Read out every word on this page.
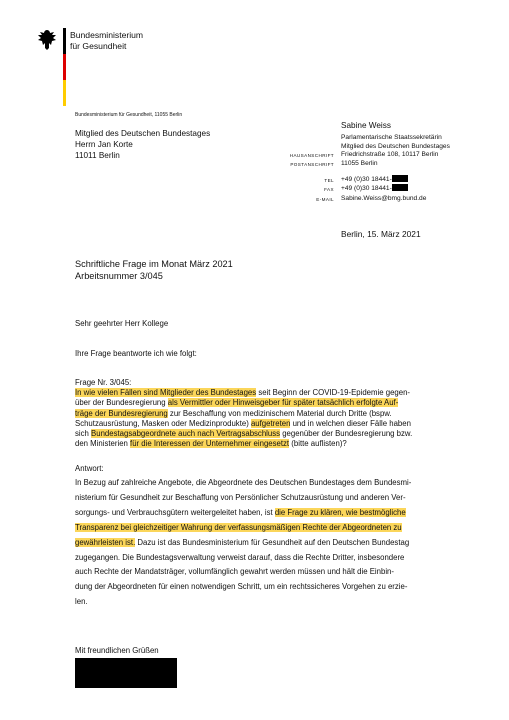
Bundesministerium
für Gesundheit
Bundesministerium für Gesundheit, 11055 Berlin
Mitglied des Deutschen Bundestages
Herrn Jan Korte
11011 Berlin
Sabine Weiss
Parlamentarische Staatssekretärin
Mitglied des Deutschen Bundestages
HAUSANSCHRIFT Friedrichstraße 108, 10117 Berlin
POSTANSCHRIFT 11055 Berlin
TEL +49 (0)30 18441-
FAX +49 (0)30 18441-
E-MAIL Sabine.Weiss@bmg.bund.de
Berlin, 15. März 2021
Schriftliche Frage im Monat März 2021
Arbeitsnummer 3/045
Sehr geehrter Herr Kollege
Ihre Frage beantworte ich wie folgt:
Frage Nr. 3/045:
In wie vielen Fällen sind Mitglieder des Bundestages seit Beginn der COVID-19-Epidemie gegen-
über der Bundesregierung als Vermittler oder Hinweisgeber für später tatsächlich erfolgte Auf-
träge der Bundesregierung zur Beschaffung von medizinischem Material durch Dritte (bspw.
Schutzausrüstung, Masken oder Medizinprodukte) aufgetreten und in welchen dieser Fälle haben
sich Bundestagsabgeordnete auch nach Vertragsabschluss gegenüber der Bundesregierung bzw.
den Ministerien für die Interessen der Unternehmer eingesetzt (bitte auflisten)?
Antwort:
In Bezug auf zahlreiche Angebote, die Abgeordnete des Deutschen Bundestages dem Bundesmi-
nisterium für Gesundheit zur Beschaffung von Persönlicher Schutzausrüstung und anderen Ver-
sorgungs- und Verbrauchsgütern weitergeleitet haben, ist die Frage zu klären, wie bestmögliche
Transparenz bei gleichzeitiger Wahrung der verfassungsmäßigen Rechte der Abgeordneten zu
gewährleisten ist. Dazu ist das Bundesministerium für Gesundheit auf den Deutschen Bundestag
zugegangen. Die Bundestagsverwaltung verweist darauf, dass die Rechte Dritter, insbesondere
auch Rechte der Mandatsträger, vollumfänglich gewahrt werden müssen und hält die Einbin-
dung der Abgeordneten für einen notwendigen Schritt, um ein rechtssicheres Vorgehen zu erzie-
len.
Mit freundlichen Grüßen
